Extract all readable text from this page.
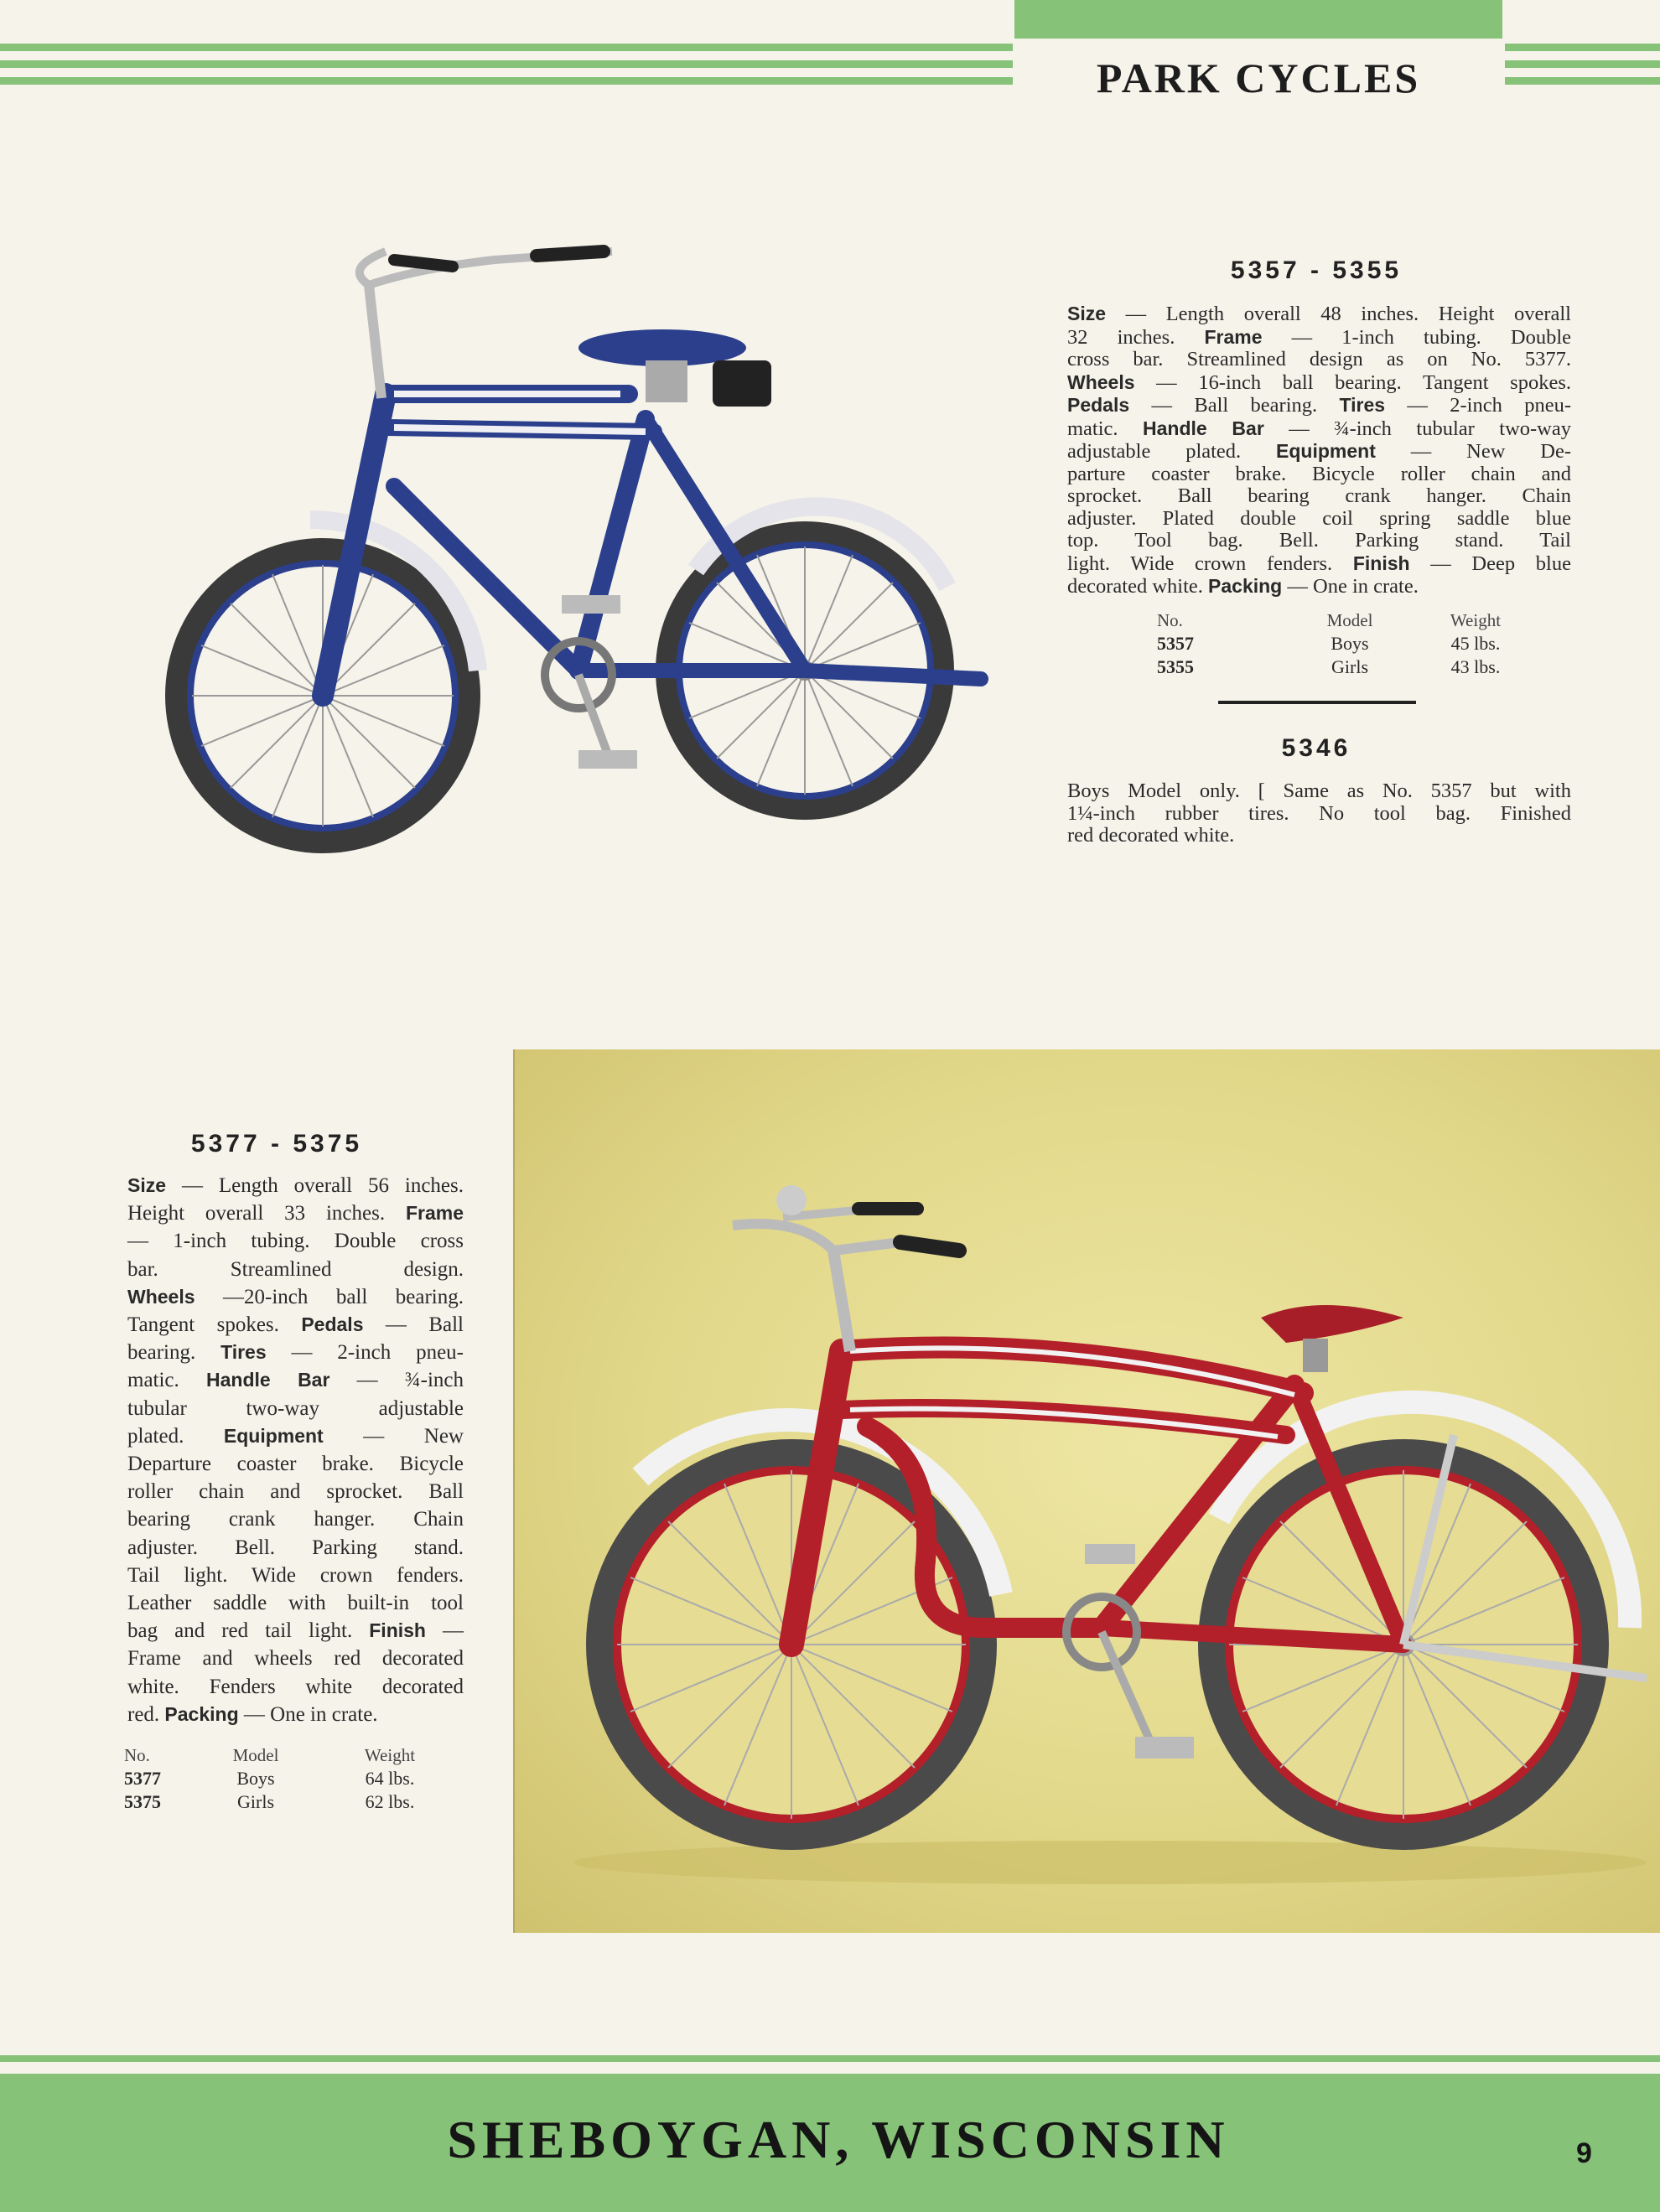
PARK CYCLES
5357 - 5355
Size — Length overall 48 inches. Height overall
32 inches. Frame — 1-inch tubing. Double
cross bar. Streamlined design as on No. 5377.
Wheels — 16-inch ball bearing. Tangent spokes.
Pedals — Ball bearing. Tires — 2-inch pneu-
matic. Handle Bar — ¾-inch tubular two-way
adjustable plated. Equipment — New De-
parture coaster brake. Bicycle roller chain and
sprocket. Ball bearing crank hanger. Chain
adjuster. Plated double coil spring saddle blue
top. Tool bag. Bell. Parking stand. Tail
light. Wide crown fenders. Finish — Deep blue
decorated white. Packing — One in crate.
No.	Model	Weight
5357	Boys	45 lbs.
5355	Girls	43 lbs.
5346
Boys Model only. [ Same as No. 5357 but with
1¼-inch rubber tires. No tool bag. Finished
red decorated white.
5377 - 5375
Size — Length overall 56 inches.
Height overall 33 inches. Frame
— 1-inch tubing. Double cross
bar. Streamlined design.
Wheels —20-inch ball bearing.
Tangent spokes. Pedals — Ball
bearing. Tires — 2-inch pneu-
matic. Handle Bar — ¾-inch
tubular two-way adjustable
plated. Equipment — New
Departure coaster brake. Bicycle
roller chain and sprocket. Ball
bearing crank hanger. Chain
adjuster. Bell. Parking stand.
Tail light. Wide crown fenders.
Leather saddle with built-in tool
bag and red tail light. Finish —
Frame and wheels red decorated
white. Fenders white decorated
red. Packing — One in crate.
No.	Model	Weight
5377	Boys	64 lbs.
5375	Girls	62 lbs.
SHEBOYGAN, WISCONSIN	9
